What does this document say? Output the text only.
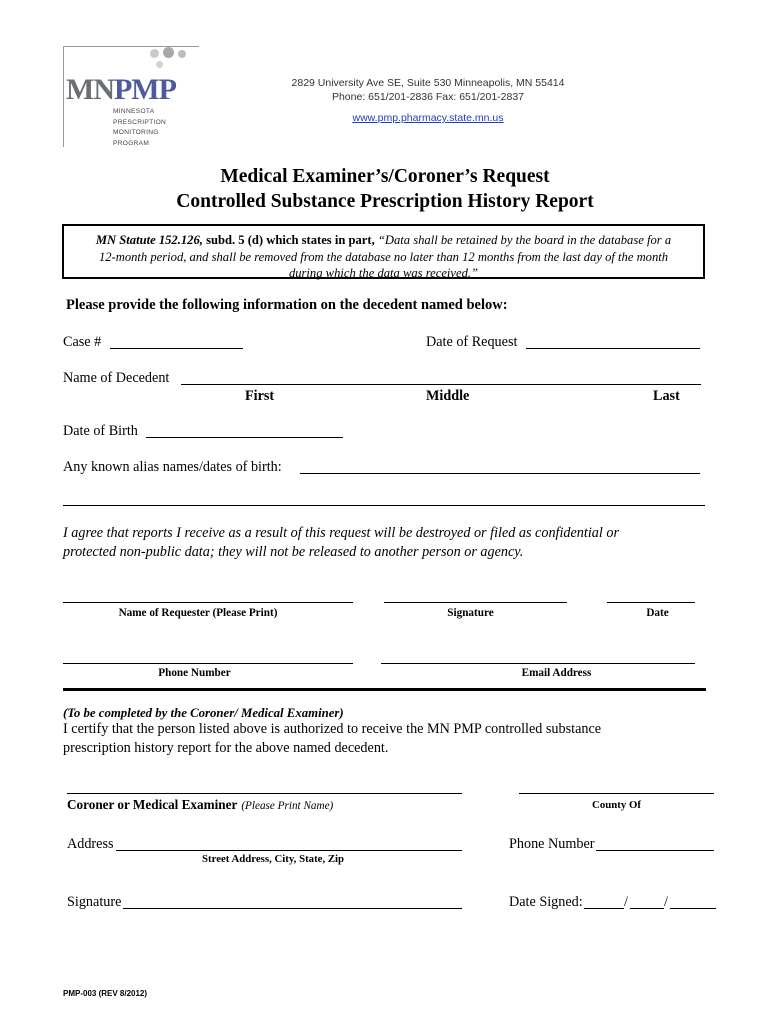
MNPMP
MINNESOTA
PRESCRIPTION
MONITORING
PROGRAM
2829 University Ave SE, Suite 530 Minneapolis, MN 55414
Phone: 651/201-2836 Fax: 651/201-2837
www.pmp.pharmacy.state.mn.us
Medical Examiner’s/Coroner’s Request
Controlled Substance Prescription History Report
MN Statute 152.126, subd. 5 (d) which states in part, “Data shall be retained by the board in the database for a
12-month period, and shall be removed from the database no later than 12 months from the last day of the month
during which the data was received.”
Please provide the following information on the decedent named below:
Case #	Date of Request
Name of Decedent
First	Middle	Last
Date of Birth
Any known alias names/dates of birth:
I agree that reports I receive as a result of this request will be destroyed or filed as confidential or
protected non-public data; they will not be released to another person or agency.
Name of Requester (Please Print)	Signature	Date
Phone Number	Email Address
(To be completed by the Coroner/ Medical Examiner)
I certify that the person listed above is authorized to receive the MN PMP controlled substance
prescription history report for the above named decedent.
Coroner or Medical Examiner (Please Print Name)	County Of
Address
Street Address, City, State, Zip
Phone Number
Signature	Date Signed:	/	/
PMP-003 (REV 8/2012)
